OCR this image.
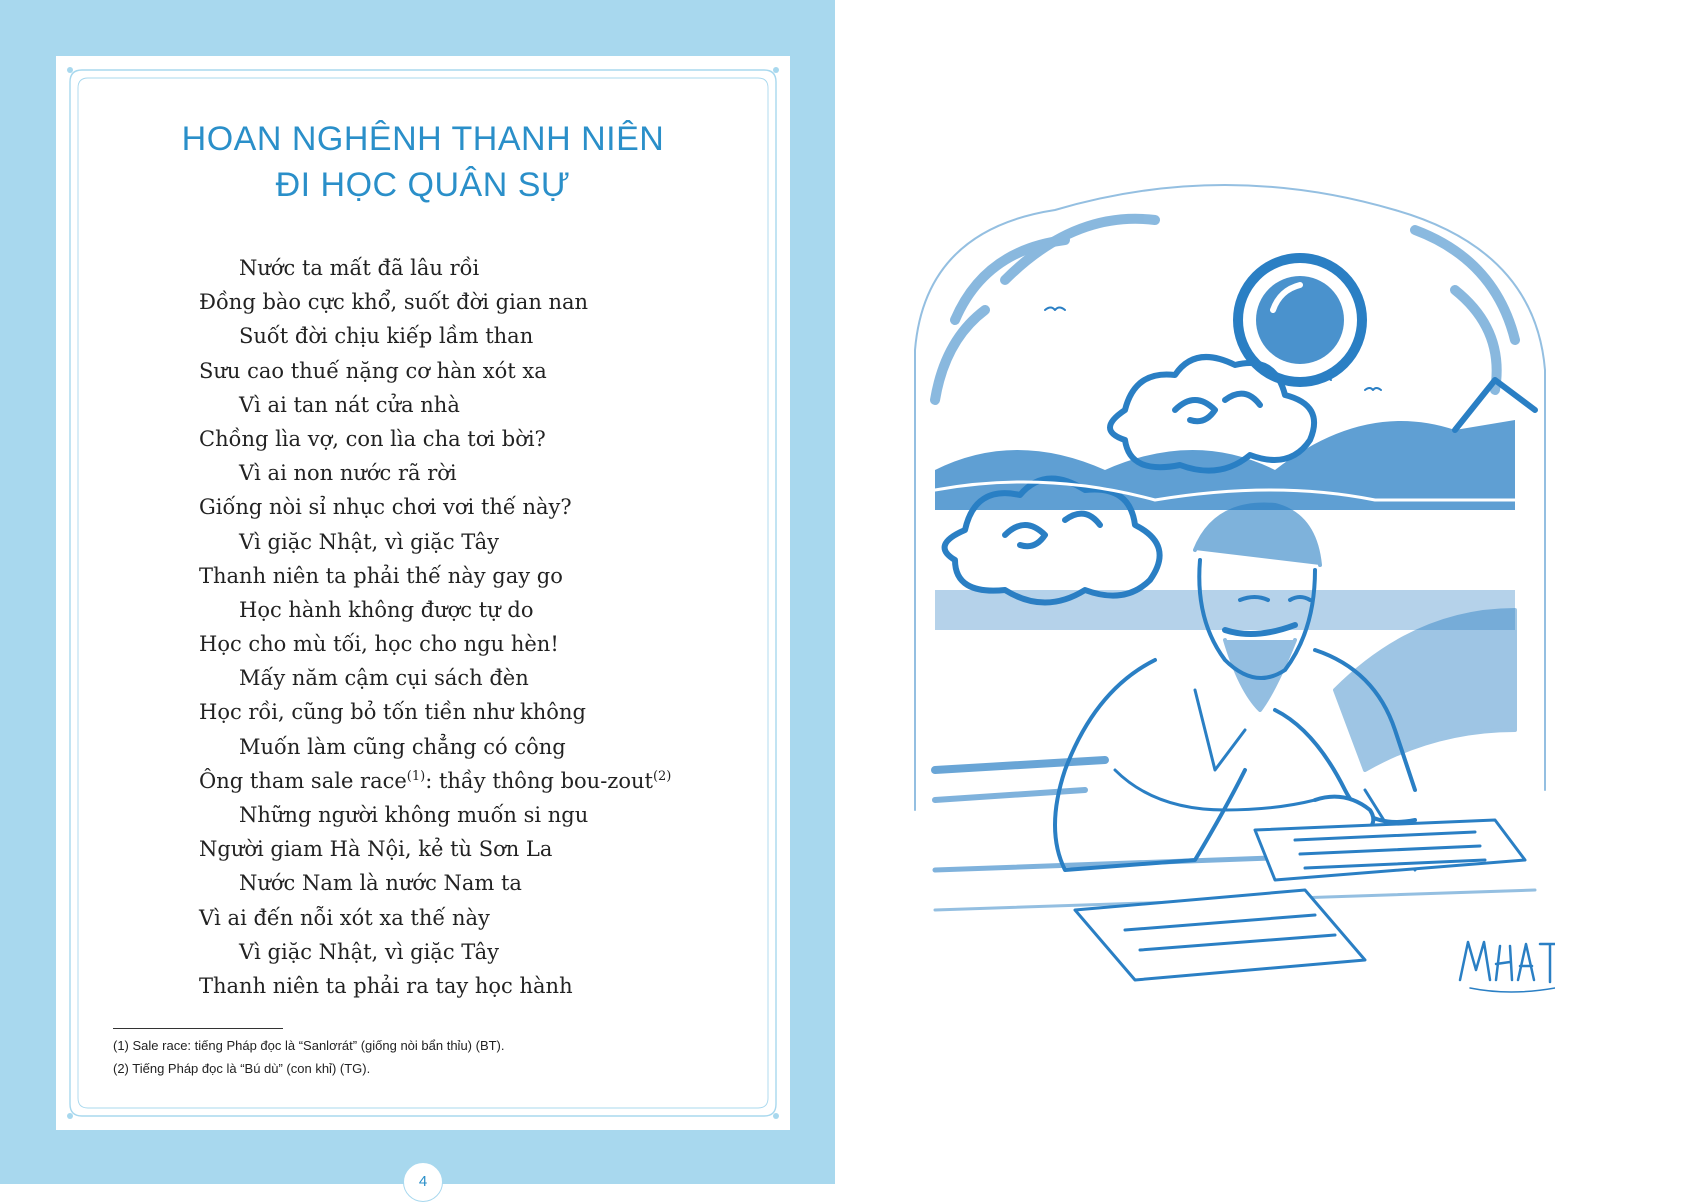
HOAN NGHÊNH THANH NIÊN
ĐI HỌC QUÂN SỰ
Nước ta mất đã lâu rồi
Đồng bào cực khổ, suốt đời gian nan
Suốt đời chịu kiếp lầm than
Sưu cao thuế nặng cơ hàn xót xa
Vì ai tan nát cửa nhà
Chồng lìa vợ, con lìa cha tơi bời?
Vì ai non nước rã rời
Giống nòi sỉ nhục chơi vơi thế này?
Vì giặc Nhật, vì giặc Tây
Thanh niên ta phải thế này gay go
Học hành không được tự do
Học cho mù tối, học cho ngu hèn!
Mấy năm cậm cụi sách đèn
Học rồi, cũng bỏ tốn tiền như không
Muốn làm cũng chẳng có công
Ông tham sale race$^{(1)}$: thầy thông bou-zout$^{(2)}$
Những người không muốn si ngu
Người giam Hà Nội, kẻ tù Sơn La
Nước Nam là nước Nam ta
Vì ai đến nỗi xót xa thế này
Vì giặc Nhật, vì giặc Tây
Thanh niên ta phải ra tay học hành
(1) Sale race: tiếng Pháp đọc là “Sanlơrát” (giống nòi bẩn thỉu) (BT).
(2) Tiếng Pháp đọc là “Bú dù” (con khỉ) (TG).
4
